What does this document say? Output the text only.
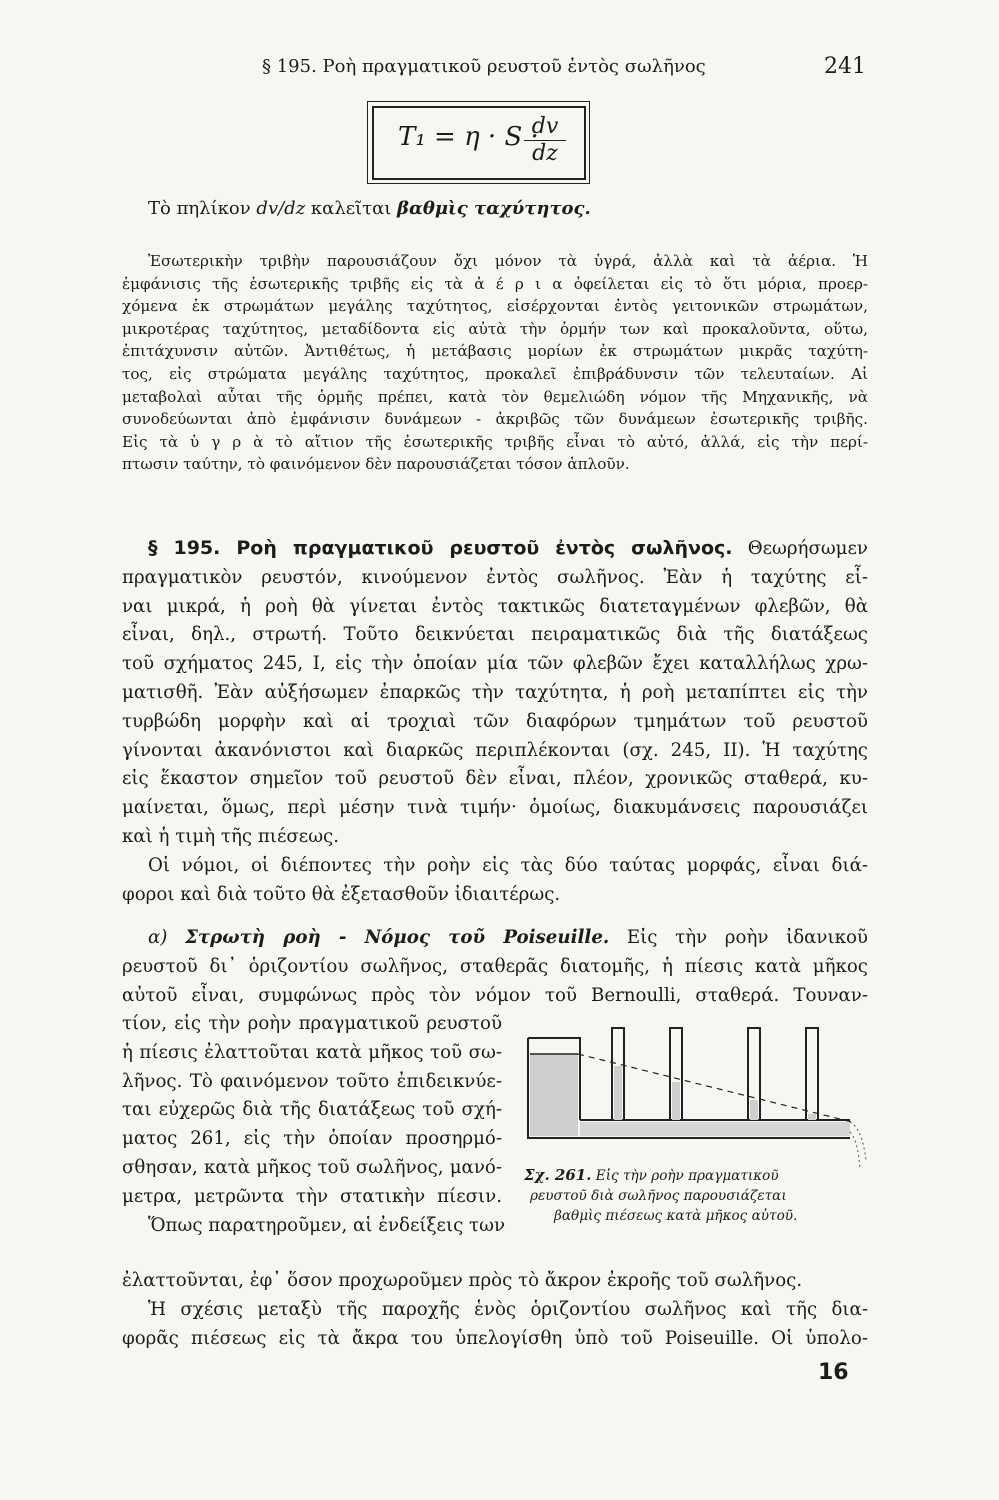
§ 195. Ροὴ πραγματικοῦ ρευστοῦ ἐντὸς σωλῆνος	241
T₁ = η · S ·
$\frac{dv}{dz}$
Τὸ πηλίκον dv/dz καλεῖται βαθμὶς ταχύτητος.
Ἐσωτερικὴν τριβὴν παρουσιάζουν ὄχι μόνον τὰ ὑγρά, ἀλλὰ καὶ τὰ ἀέρια. Ἡ
ἐμφάνισις τῆς ἐσωτερικῆς τριβῆς εἰς τὰ ἀ έ ρ ι α ὀφείλεται εἰς τὸ ὅτι μόρια, προερ-
χόμενα ἐκ στρωμάτων μεγάλης ταχύτητος, εἰσέρχονται ἐντὸς γειτονικῶν στρωμάτων,
μικροτέρας ταχύτητος, μεταδίδοντα εἰς αὐτὰ τὴν ὁρμήν των καὶ προκαλοῦντα, οὕτω,
ἐπιτάχυνσιν αὐτῶν. Ἀντιθέτως, ἡ μετάβασις μορίων ἐκ στρωμάτων μικρᾶς ταχύτη-
τος, εἰς στρώματα μεγάλης ταχύτητος, προκαλεῖ ἐπιβράδυνσιν τῶν τελευταίων. Αἱ
μεταβολαὶ αὗται τῆς ὁρμῆς πρέπει, κατὰ τὸν θεμελιώδη νόμον τῆς Μηχανικῆς, νὰ
συνοδεύωνται ἀπὸ ἐμφάνισιν δυνάμεων - ἀκριβῶς τῶν δυνάμεων ἐσωτερικῆς τριβῆς.
Εἰς τὰ ὑ γ ρ ὰ τὸ αἴτιον τῆς ἐσωτερικῆς τριβῆς εἶναι τὸ αὐτό, ἀλλά, εἰς τὴν περί-
πτωσιν ταύτην, τὸ φαινόμενον δὲν παρουσιάζεται τόσον ἁπλοῦν.
§ 195. Ροὴ πραγματικοῦ ρευστοῦ ἐντὸς σωλῆνος. Θεωρήσωμεν
πραγματικὸν ρευστόν, κινούμενον ἐντὸς σωλῆνος. Ἐὰν ἡ ταχύτης εἶ-
ναι μικρά, ἡ ροὴ θὰ γίνεται ἐντὸς τακτικῶς διατεταγμένων φλεβῶν, θὰ
εἶναι, δηλ., στρωτή. Τοῦτο δεικνύεται πειραματικῶς διὰ τῆς διατάξεως
τοῦ σχήματος 245, I, εἰς τὴν ὁποίαν μία τῶν φλεβῶν ἔχει καταλλήλως χρω-
ματισθῆ. Ἐὰν αὐξήσωμεν ἐπαρκῶς τὴν ταχύτητα, ἡ ροὴ μεταπίπτει εἰς τὴν
τυρβώδη μορφὴν καὶ αἱ τροχιαὶ τῶν διαφόρων τμημάτων τοῦ ρευστοῦ
γίνονται ἀκανόνιστοι καὶ διαρκῶς περιπλέκονται (σχ. 245, II). Ἡ ταχύτης
εἰς ἕκαστον σημεῖον τοῦ ρευστοῦ δὲν εἶναι, πλέον, χρονικῶς σταθερά, κυ-
μαίνεται, ὅμως, περὶ μέσην τινὰ τιμήν· ὁμοίως, διακυμάνσεις παρουσιάζει
καὶ ἡ τιμὴ τῆς πιέσεως.
Οἱ νόμοι, οἱ διέποντες τὴν ροὴν εἰς τὰς δύο ταύτας μορφάς, εἶναι διά-
φοροι καὶ διὰ τοῦτο θὰ ἐξετασθοῦν ἰδιαιτέρως.
α) Στρωτὴ ροὴ - Νόμος τοῦ Poiseuille. Εἰς τὴν ροὴν ἰδανικοῦ
ρευστοῦ δι᾽ ὁριζοντίου σωλῆνος, σταθερᾶς διατομῆς, ἡ πίεσις κατὰ μῆκος
αὐτοῦ εἶναι, συμφώνως πρὸς τὸν νόμον τοῦ Bernoulli, σταθερά. Τουναν-
τίον, εἰς τὴν ροὴν πραγματικοῦ ρευστοῦ
ἡ πίεσις ἐλαττοῦται κατὰ μῆκος τοῦ σω-
λῆνος. Τὸ φαινόμενον τοῦτο ἐπιδεικνύε-
ται εὐχερῶς διὰ τῆς διατάξεως τοῦ σχή-
ματος 261, εἰς τὴν ὁποίαν προσηρμό-
σθησαν, κατὰ μῆκος τοῦ σωλῆνος, μανό-
μετρα, μετρῶντα τὴν στατικὴν πίεσιν.
Ὅπως παρατηροῦμεν, αἱ ἐνδείξεις των
Σχ. 261. Εἰς τὴν ροὴν πραγματικοῦ
ρευστοῦ διὰ σωλῆνος παρουσιάζεται
βαθμὶς πιέσεως κατὰ μῆκος αὐτοῦ.
ἐλαττοῦνται, ἐφ᾽ ὅσον προχωροῦμεν πρὸς τὸ ἄκρον ἐκροῆς τοῦ σωλῆνος.
Ἡ σχέσις μεταξὺ τῆς παροχῆς ἑνὸς ὁριζοντίου σωλῆνος καὶ τῆς δια-
φορᾶς πιέσεως εἰς τὰ ἄκρα του ὑπελογίσθη ὑπὸ τοῦ Poiseuille. Οἱ ὑπολο-
16
